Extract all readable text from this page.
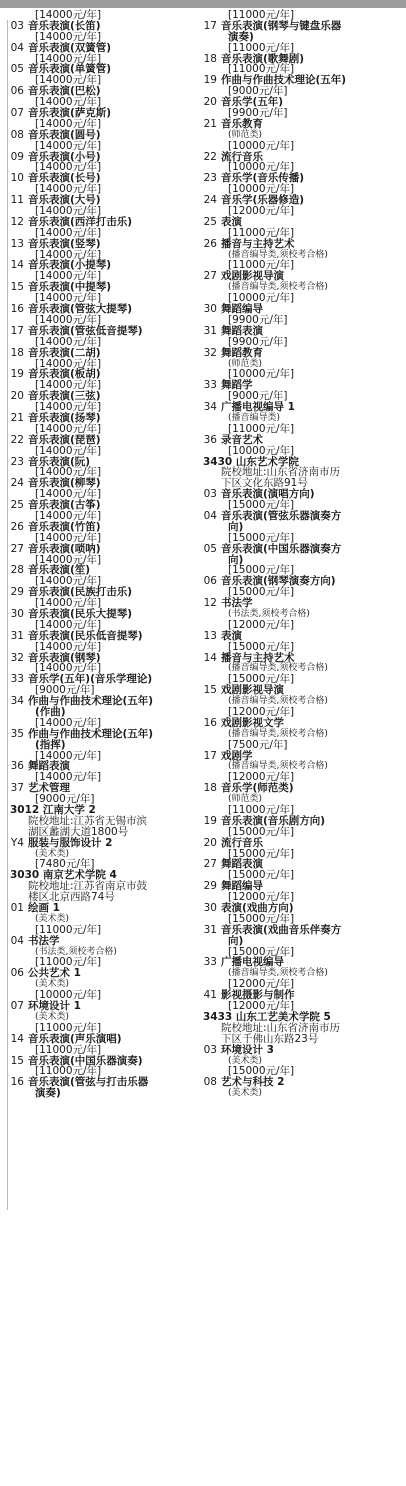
[14000元/年]
03 音乐表演(长笛)
[14000元/年]
04 音乐表演(双簧管)
[14000元/年]
05 音乐表演(单簧管)
[14000元/年]
06 音乐表演(巴松)
[14000元/年]
07 音乐表演(萨克斯)
[14000元/年]
08 音乐表演(圆号)
[14000元/年]
09 音乐表演(小号)
[14000元/年]
10 音乐表演(长号)
[14000元/年]
11 音乐表演(大号)
[14000元/年]
12 音乐表演(西洋打击乐)
[14000元/年]
13 音乐表演(竖琴)
[14000元/年]
14 音乐表演(小提琴)
[14000元/年]
15 音乐表演(中提琴)
[14000元/年]
16 音乐表演(管弦大提琴)
[14000元/年]
17 音乐表演(管弦低音提琴)
[14000元/年]
18 音乐表演(二胡)
[14000元/年]
19 音乐表演(板胡)
[14000元/年]
20 音乐表演(三弦)
[14000元/年]
21 音乐表演(扬琴)
[14000元/年]
22 音乐表演(琵琶)
[14000元/年]
23 音乐表演(阮)
[14000元/年]
24 音乐表演(柳琴)
[14000元/年]
25 音乐表演(古筝)
[14000元/年]
26 音乐表演(竹笛)
[14000元/年]
27 音乐表演(唢呐)
[14000元/年]
28 音乐表演(笙)
[14000元/年]
29 音乐表演(民族打击乐)
[14000元/年]
30 音乐表演(民乐大提琴)
[14000元/年]
31 音乐表演(民乐低音提琴)
[14000元/年]
32 音乐表演(钢琴)
[14000元/年]
33 音乐学(五年)(音乐学理论)
[9000元/年]
34 作曲与作曲技术理论(五年)
(作曲)
[14000元/年]
35 作曲与作曲技术理论(五年)
(指挥)
[14000元/年]
36 舞蹈表演
[14000元/年]
37 艺术管理
[9000元/年]
3012 江南大学 2
院校地址:江苏省无锡市滨
湖区蠡湖大道1800号
Y4 服装与服饰设计 2
(美术类)
[7480元/年]
3030 南京艺术学院 4
院校地址:江苏省南京市鼓
楼区北京西路74号
01 绘画 1
(美术类)
[11000元/年]
04 书法学
(书法类,须校考合格)
[11000元/年]
06 公共艺术 1
(美术类)
[10000元/年]
07 环境设计 1
(美术类)
[11000元/年]
14 音乐表演(声乐演唱)
[11000元/年]
15 音乐表演(中国乐器演奏)
[11000元/年]
16 音乐表演(管弦与打击乐器
演奏)
[11000元/年]
17 音乐表演(钢琴与键盘乐器
演奏)
[11000元/年]
18 音乐表演(歌舞剧)
[11000元/年]
19 作曲与作曲技术理论(五年)
[9000元/年]
20 音乐学(五年)
[9900元/年]
21 音乐教育
(师范类)
[10000元/年]
22 流行音乐
[10000元/年]
23 音乐学(音乐传播)
[10000元/年]
24 音乐学(乐器修造)
[12000元/年]
25 表演
[11000元/年]
26 播音与主持艺术
(播音编导类,须校考合格)
[11000元/年]
27 戏剧影视导演
(播音编导类,须校考合格)
[10000元/年]
30 舞蹈编导
[9900元/年]
31 舞蹈表演
[9900元/年]
32 舞蹈教育
(师范类)
[10000元/年]
33 舞蹈学
[9000元/年]
34 广播电视编导 1
(播音编导类)
[11000元/年]
36 录音艺术
[10000元/年]
3430 山东艺术学院
院校地址:山东省济南市历
下区文化东路91号
03 音乐表演(演唱方向)
[15000元/年]
04 音乐表演(管弦乐器演奏方
向)
[15000元/年]
05 音乐表演(中国乐器演奏方
向)
[15000元/年]
06 音乐表演(钢琴演奏方向)
[15000元/年]
12 书法学
(书法类,须校考合格)
[12000元/年]
13 表演
[15000元/年]
14 播音与主持艺术
(播音编导类,须校考合格)
[15000元/年]
15 戏剧影视导演
(播音编导类,须校考合格)
[12000元/年]
16 戏剧影视文学
(播音编导类,须校考合格)
[7500元/年]
17 戏剧学
(播音编导类,须校考合格)
[12000元/年]
18 音乐学(师范类)
(师范类)
[11000元/年]
19 音乐表演(音乐剧方向)
[15000元/年]
20 流行音乐
[15000元/年]
27 舞蹈表演
[15000元/年]
29 舞蹈编导
[12000元/年]
30 表演(戏曲方向)
[15000元/年]
31 音乐表演(戏曲音乐伴奏方
向)
[15000元/年]
33 广播电视编导
(播音编导类,须校考合格)
[12000元/年]
41 影视摄影与制作
[12000元/年]
3433 山东工艺美术学院 5
院校地址:山东省济南市历
下区千佛山东路23号
03 环境设计 3
(美术类)
[15000元/年]
08 艺术与科技 2
(美术类)
